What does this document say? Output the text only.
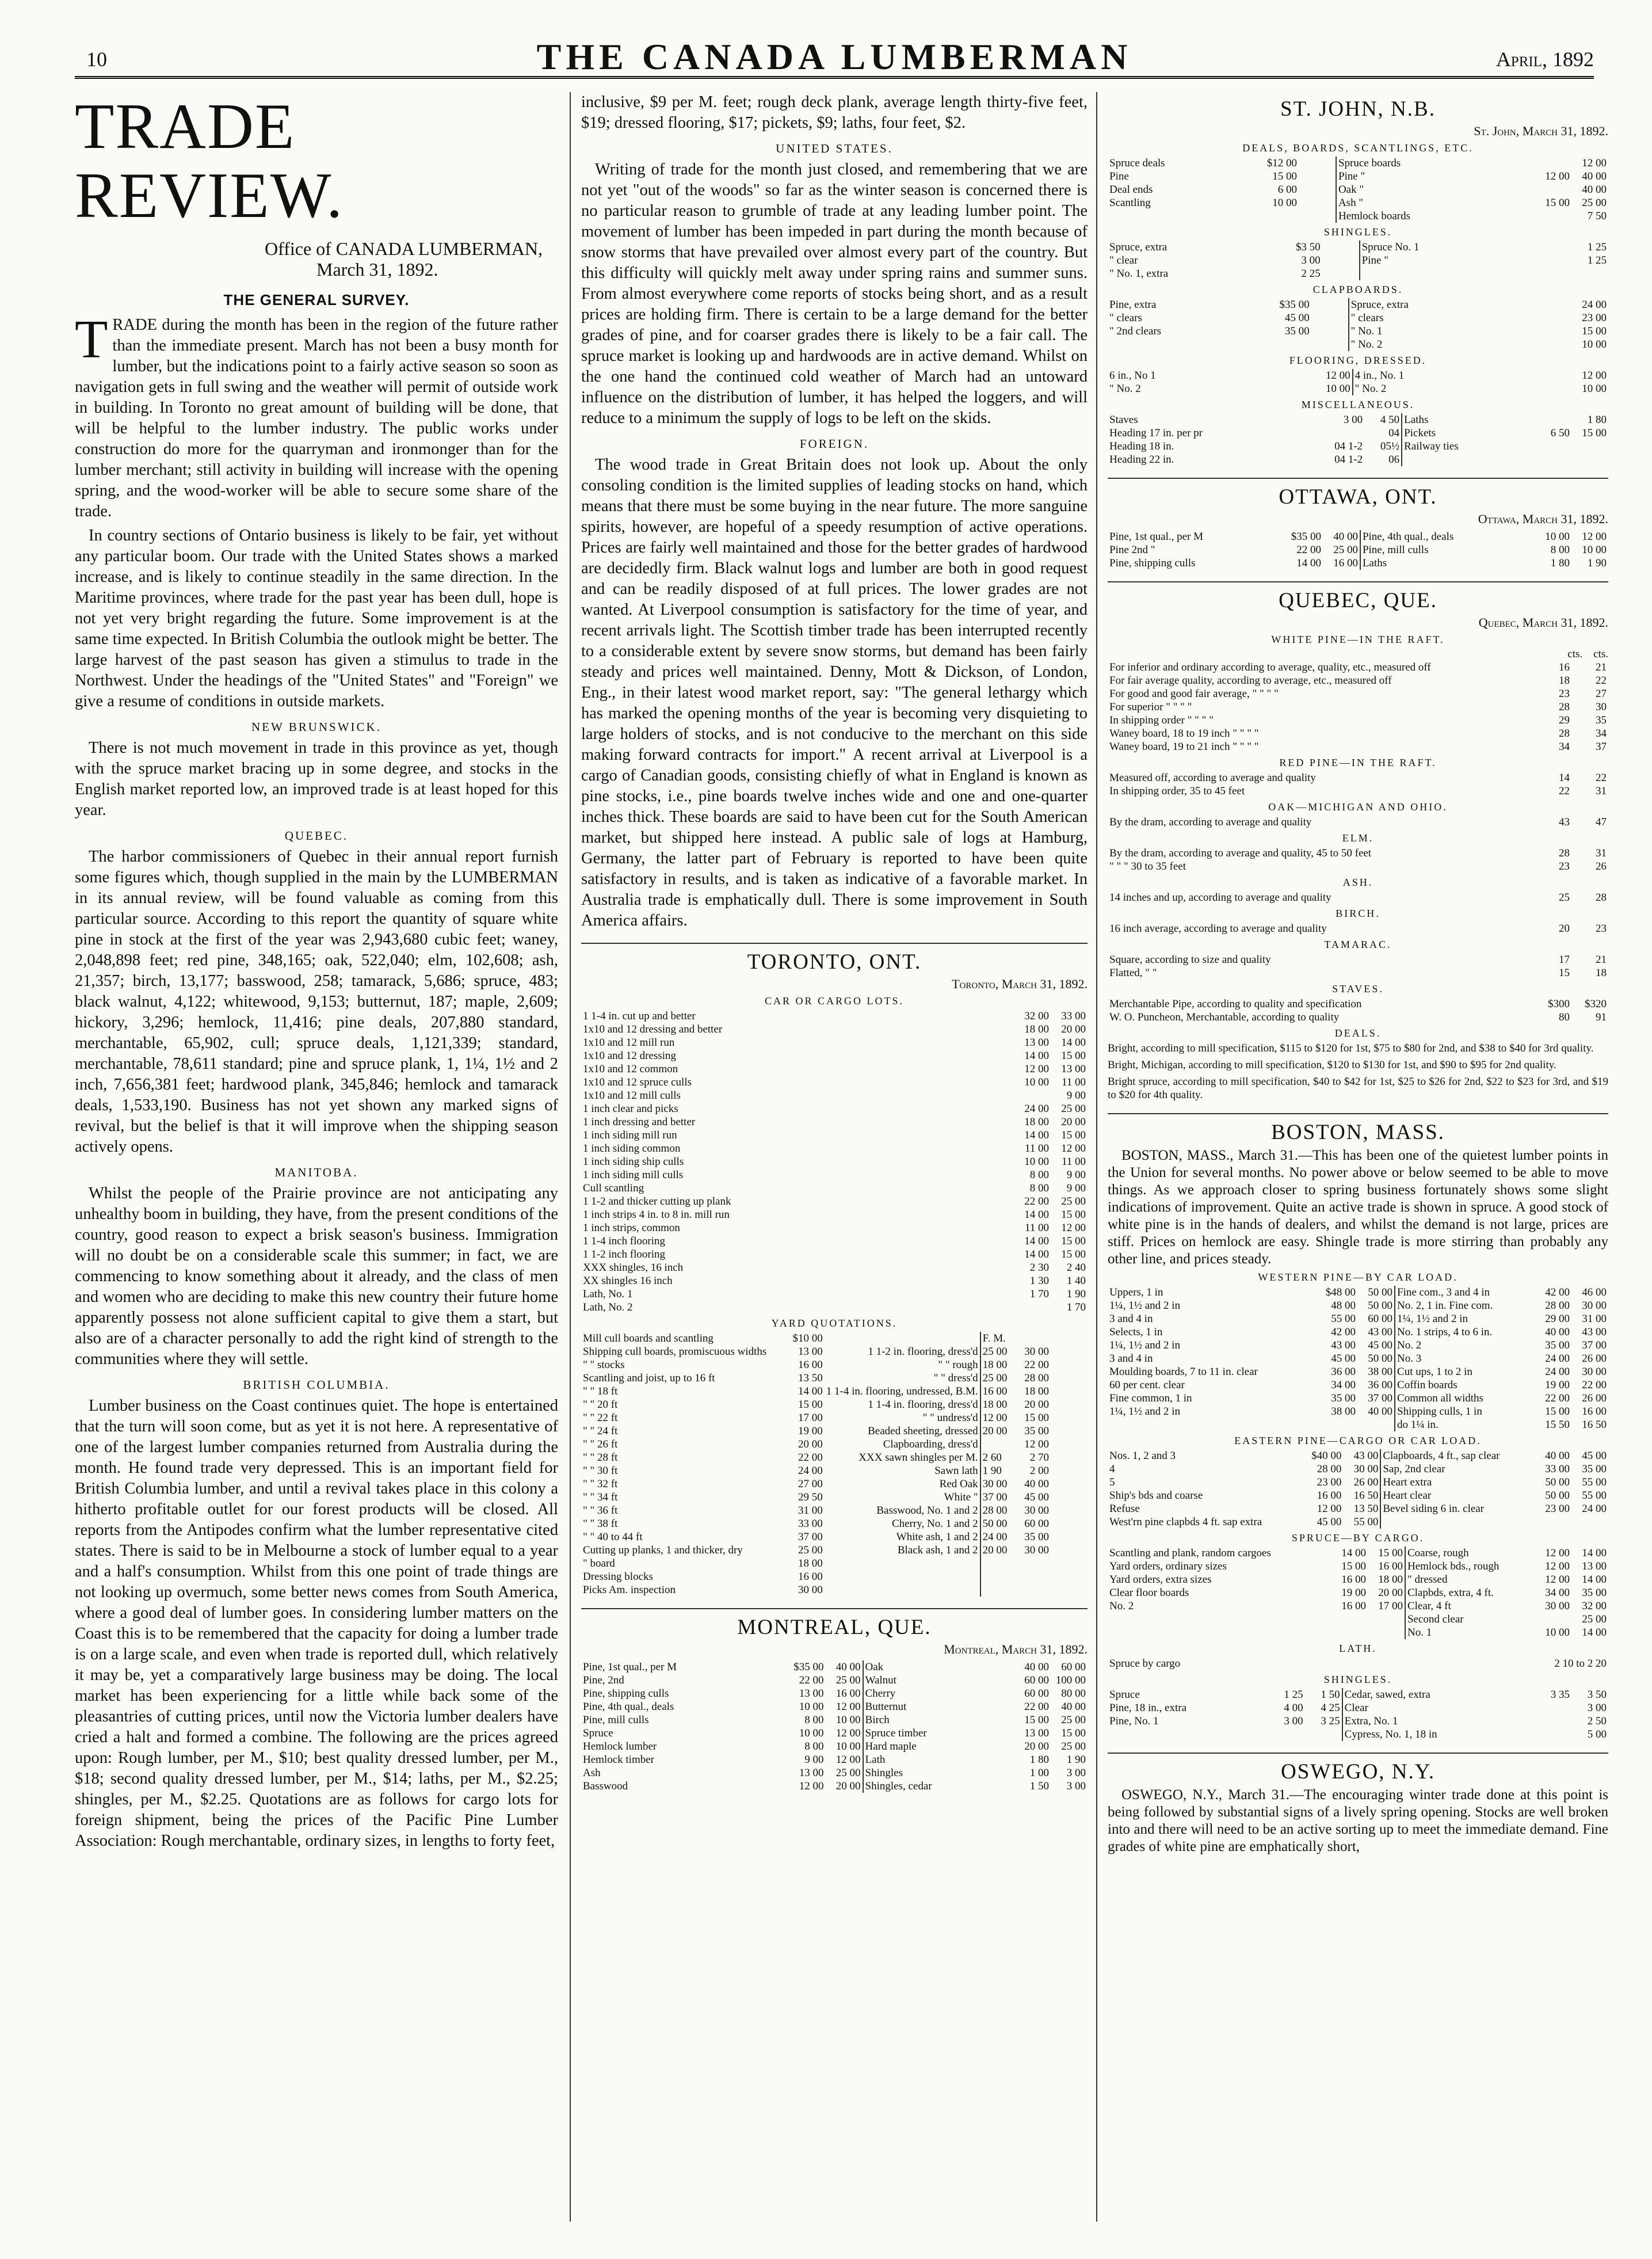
10	THE CANADA LUMBERMAN	April, 1892
TRADE REVIEW.
Office of CANADA LUMBERMAN,
March 31, 1892.
THE GENERAL SURVEY.

TRADE during the month has been in the region of the future rather than the immediate present. March has not been a busy month for lumber, but the indications point to a fairly active season so soon as navigation gets in full swing and the weather will permit of outside work in building. In Toronto no great amount of building will be done, that will be helpful to the lumber industry. The public works under construction do more for the quarryman and ironmonger than for the lumber merchant; still activity in building will increase with the opening spring, and the wood-worker will be able to secure some share of the trade.

In country sections of Ontario business is likely to be fair, yet without any particular boom. Our trade with the United States shows a marked increase, and is likely to continue steadily in the same direction. In the Maritime provinces, where trade for the past year has been dull, hope is not yet very bright regarding the future. Some improvement is at the same time expected. In British Columbia the outlook might be better. The large harvest of the past season has given a stimulus to trade in the Northwest. Under the headings of the "United States" and "Foreign" we give a resume of conditions in outside markets.

NEW BRUNSWICK.

There is not much movement in trade in this province as yet, though with the spruce market bracing up in some degree, and stocks in the English market reported low, an improved trade is at least hoped for this year.

QUEBEC.

The harbor commissioners of Quebec in their annual report furnish some figures which, though supplied in the main by the LUMBERMAN in its annual review, will be found valuable as coming from this particular source. According to this report the quantity of square white pine in stock at the first of the year was 2,943,680 cubic feet; waney, 2,048,898 feet; red pine, 348,165; oak, 522,040; elm, 102,608; ash, 21,357; birch, 13,177; basswood, 258; tamarack, 5,686; spruce, 483; black walnut, 4,122; whitewood, 9,153; butternut, 187; maple, 2,609; hickory, 3,296; hemlock, 11,416; pine deals, 207,880 standard, merchantable, 65,902, cull; spruce deals, 1,121,339; standard, merchantable, 78,611 standard; pine and spruce plank, 1, 1¼, 1½ and 2 inch, 7,656,381 feet; hardwood plank, 345,846; hemlock and tamarack deals, 1,533,190. Business has not yet shown any marked signs of revival, but the belief is that it will improve when the shipping season actively opens.

MANITOBA.

Whilst the people of the Prairie province are not anticipating any unhealthy boom in building, they have, from the present conditions of the country, good reason to expect a brisk season's business. Immigration will no doubt be on a considerable scale this summer; in fact, we are commencing to know something about it already, and the class of men and women who are deciding to make this new country their future home apparently possess not alone sufficient capital to give them a start, but also are of a character personally to add the right kind of strength to the communities where they will settle.

BRITISH COLUMBIA.

Lumber business on the Coast continues quiet. The hope is entertained that the turn will soon come, but as yet it is not here. A representative of one of the largest lumber companies returned from Australia during the month. He found trade very depressed. This is an important field for British Columbia lumber, and until a revival takes place in this colony a hitherto profitable outlet for our forest products will be closed. All reports from the Antipodes confirm what the lumber representative cited states. There is said to be in Melbourne a stock of lumber equal to a year and a half's consumption. Whilst from this one point of trade things are not looking up overmuch, some better news comes from South America, where a good deal of lumber goes. In considering lumber matters on the Coast this is to be remembered that the capacity for doing a lumber trade is on a large scale, and even when trade is reported dull, which relatively it may be, yet a comparatively large business may be doing. The local market has been experiencing for a little while back some of the pleasantries of cutting prices, until now the Victoria lumber dealers have cried a halt and formed a combine. The following are the prices agreed upon: Rough lumber, per M., $10; best quality dressed lumber, per M., $18; second quality dressed lumber, per M., $14; laths, per M., $2.25; shingles, per M., $2.25. Quotations are as follows for cargo lots for foreign shipment, being the prices of the Pacific Pine Lumber Association: Rough merchantable, ordinary sizes, in lengths to forty feet,

inclusive, $9 per M. feet; rough deck plank, average length thirty-five feet, $19; dressed flooring, $17; pickets, $9; laths, four feet, $2.

UNITED STATES.

Writing of trade for the month just closed, and remembering that we are not yet "out of the woods" so far as the winter season is concerned there is no particular reason to grumble of trade at any leading lumber point. The movement of lumber has been impeded in part during the month because of snow storms that have prevailed over almost every part of the country. But this difficulty will quickly melt away under spring rains and summer suns. From almost everywhere come reports of stocks being short, and as a result prices are holding firm. There is certain to be a large demand for the better grades of pine, and for coarser grades there is likely to be a fair call. The spruce market is looking up and hardwoods are in active demand. Whilst on the one hand the continued cold weather of March had an untoward influence on the distribution of lumber, it has helped the loggers, and will reduce to a minimum the supply of logs to be left on the skids.

FOREIGN.

The wood trade in Great Britain does not look up. About the only consoling condition is the limited supplies of leading stocks on hand, which means that there must be some buying in the near future. The more sanguine spirits, however, are hopeful of a speedy resumption of active operations. Prices are fairly well maintained and those for the better grades of hardwood are decidedly firm. Black walnut logs and lumber are both in good request and can be readily disposed of at full prices. The lower grades are not wanted. At Liverpool consumption is satisfactory for the time of year, and recent arrivals light. The Scottish timber trade has been interrupted recently to a considerable extent by severe snow storms, but demand has been fairly steady and prices well maintained. Denny, Mott & Dickson, of London, Eng., in their latest wood market report, say: "The general lethargy which has marked the opening months of the year is becoming very disquieting to large holders of stocks, and is not conducive to the merchant on this side making forward contracts for import." A recent arrival at Liverpool is a cargo of Canadian goods, consisting chiefly of what in England is known as pine stocks, i.e., pine boards twelve inches wide and one and one-quarter inches thick. These boards are said to have been cut for the South American market, but shipped here instead. A public sale of logs at Hamburg, Germany, the latter part of February is reported to have been quite satisfactory in results, and is taken as indicative of a favorable market. In Australia trade is emphatically dull. There is some improvement in South America affairs.

TORONTO, ONT.
Toronto, March 31, 1892.
CAR OR CARGO LOTS.
1 1-4 in. cut up and better	32 00	33 00
1x10 and 12 dressing and better	18 00	20 00
1x10 and 12 mill run	13 00	14 00
1x10 and 12 dressing	14 00	15 00
1x10 and 12 common	12 00	13 00
1x10 and 12 spruce culls	10 00	11 00
1x10 and 12 mill culls		9 00
1 inch clear and picks	24 00	25 00
1 inch dressing and better	18 00	20 00
1 inch siding mill run	14 00	15 00
1 inch siding common	11 00	12 00
1 inch siding ship culls	10 00	11 00
1 inch siding mill culls	8 00	9 00
Cull scantling	8 00	9 00
1 1-2 and thicker cutting up plank	22 00	25 00
1 inch strips 4 in. to 8 in. mill run	14 00	15 00
1 inch strips, common	11 00	12 00
1 1-4 inch flooring	14 00	15 00
1 1-2 inch flooring	14 00	15 00
XXX shingles, 16 inch	2 30	2 40
XX shingles 16 inch	1 30	1 40
Lath, No. 1	1 70	1 90
Lath, No. 2		1 70
YARD QUOTATIONS.
Mill cull boards and scantling	$10 00		F. M.		
Shipping cull boards, promiscuous widths	13 00	1 1-2 in. flooring, dress'd	25 00	30 00	
" " stocks	16 00	" " rough	18 00	22 00	
Scantling and joist, up to 16 ft	13 50	" " dress'd	25 00	28 00	
" " 18 ft	14 00	1 1-4 in. flooring, undressed, B.M.	16 00	18 00	
" " 20 ft	15 00	1 1-4 in. flooring, dress'd	18 00	20 00	
" " 22 ft	17 00	" " undress'd	12 00	15 00	
" " 24 ft	19 00	Beaded sheeting, dressed	20 00	35 00	
" " 26 ft	20 00	Clapboarding, dress'd		12 00	
" " 28 ft	22 00	XXX sawn shingles per M.	2 60	2 70	
" " 30 ft	24 00	Sawn lath	1 90	2 00	
" " 32 ft	27 00	Red Oak	30 00	40 00	
" " 34 ft	29 50	White "	37 00	45 00	
" " 36 ft	31 00	Basswood, No. 1 and 2	28 00	30 00	
" " 38 ft	33 00	Cherry, No. 1 and 2	50 00	60 00	
" " 40 to 44 ft	37 00	White ash, 1 and 2	24 00	35 00	
Cutting up planks, 1 and thicker, dry	25 00	Black ash, 1 and 2	20 00	30 00	
" board	18 00				
Dressing blocks	16 00				
Picks Am. inspection	30 00				
MONTREAL, QUE.
Montreal, March 31, 1892.
Pine, 1st qual., per M	$35 00	40 00	Oak	40 00	60 00
Pine, 2nd	22 00	25 00	Walnut	60 00	100 00
Pine, shipping culls	13 00	16 00	Cherry	60 00	80 00
Pine, 4th qual., deals	10 00	12 00	Butternut	22 00	40 00
Pine, mill culls	8 00	10 00	Birch	15 00	25 00
Spruce	10 00	12 00	Spruce timber	13 00	15 00
Hemlock lumber	8 00	10 00	Hard maple	20 00	25 00
Hemlock timber	9 00	12 00	Lath	1 80	1 90
Ash	13 00	25 00	Shingles	1 00	3 00
Basswood	12 00	20 00	Shingles, cedar	1 50	3 00
ST. JOHN, N.B.
St. John, March 31, 1892.
DEALS, BOARDS, SCANTLINGS, ETC.
Spruce deals	$12 00		Spruce boards		12 00
Pine	15 00		Pine "	12 00	40 00
Deal ends	6 00		Oak "		40 00
Scantling	10 00		Ash "	15 00	25 00
			Hemlock boards		7 50
SHINGLES.
Spruce, extra	$3 50		Spruce No. 1		1 25
" clear	3 00		Pine "		1 25
" No. 1, extra	2 25				
CLAPBOARDS.
Pine, extra	$35 00		Spruce, extra		24 00
" clears	45 00		" clears		23 00
" 2nd clears	35 00		" No. 1		15 00
			" No. 2		10 00
FLOORING, DRESSED.
6 in., No 1		12 00	4 in., No. 1		12 00
" No. 2		10 00	" No. 2		10 00
MISCELLANEOUS.
Staves	3 00	4 50	Laths		1 80
Heading 17 in. per pr		04	Pickets	6 50	15 00
Heading 18 in.	04 1-2	05½	Railway ties		
Heading 22 in.	04 1-2	06			
OTTAWA, ONT.
Ottawa, March 31, 1892.
Pine, 1st qual., per M	$35 00	40 00	Pine, 4th qual., deals	10 00	12 00
Pine 2nd "	22 00	25 00	Pine, mill culls	8 00	10 00
Pine, shipping culls	14 00	16 00	Laths	1 80	1 90
QUEBEC, QUE.
Quebec, March 31, 1892.
WHITE PINE—IN THE RAFT.
cts. cts.
For inferior and ordinary according to average, quality, etc., measured off	16	21
For fair average quality, according to average, etc., measured off	18	22
For good and good fair average, " " " "	23	27
For superior " " " "	28	30
In shipping order " " " "	29	35
Waney board, 18 to 19 inch " " " "	28	34
Waney board, 19 to 21 inch " " " "	34	37
RED PINE—IN THE RAFT.
Measured off, according to average and quality	14	22
In shipping order, 35 to 45 feet	22	31
OAK—MICHIGAN AND OHIO.
By the dram, according to average and quality	43	47
ELM.
By the dram, according to average and quality, 45 to 50 feet	28	31
" " " 30 to 35 feet	23	26
ASH.
14 inches and up, according to average and quality	25	28
BIRCH.
16 inch average, according to average and quality	20	23
TAMARAC.
Square, according to size and quality	17	21
Flatted, " "	15	18
STAVES.
Merchantable Pipe, according to quality and specification	$300	$320
W. O. Puncheon, Merchantable, according to quality	80	91
DEALS.

Bright, according to mill specification, $115 to $120 for 1st, $75 to $80 for 2nd, and $38 to $40 for 3rd quality.

Bright, Michigan, according to mill specification, $120 to $130 for 1st, and $90 to $95 for 2nd quality.

Bright spruce, according to mill specification, $40 to $42 for 1st, $25 to $26 for 2nd, $22 to $23 for 3rd, and $19 to $20 for 4th quality.

BOSTON, MASS.

BOSTON, MASS., March 31.—This has been one of the quietest lumber points in the Union for several months. No power above or below seemed to be able to move things. As we approach closer to spring business fortunately shows some slight indications of improvement. Quite an active trade is shown in spruce. A good stock of white pine is in the hands of dealers, and whilst the demand is not large, prices are stiff. Prices on hemlock are easy. Shingle trade is more stirring than probably any other line, and prices steady.

WESTERN PINE—BY CAR LOAD.
Uppers, 1 in	$48 00	50 00	Fine com., 3 and 4 in	42 00	46 00
1¼, 1½ and 2 in	48 00	50 00	No. 2, 1 in. Fine com.	28 00	30 00
3 and 4 in	55 00	60 00	1¼, 1½ and 2 in	29 00	31 00
Selects, 1 in	42 00	43 00	No. 1 strips, 4 to 6 in.	40 00	43 00
1¼, 1½ and 2 in	43 00	45 00	No. 2	35 00	37 00
3 and 4 in	45 00	50 00	No. 3	24 00	26 00
Moulding boards, 7 to 11 in. clear	36 00	38 00	Cut ups, 1 to 2 in	24 00	30 00
60 per cent. clear	34 00	36 00	Coffin boards	19 00	22 00
Fine common, 1 in	35 00	37 00	Common all widths	22 00	26 00
1¼, 1½ and 2 in	38 00	40 00	Shipping culls, 1 in	15 00	16 00
			do 1¼ in.	15 50	16 50
EASTERN PINE—CARGO OR CAR LOAD.
Nos. 1, 2 and 3	$40 00	43 00	Clapboards, 4 ft., sap clear	40 00	45 00
4	28 00	30 00	Sap, 2nd clear	33 00	35 00
5	23 00	26 00	Heart extra	50 00	55 00
Ship's bds and coarse	16 00	16 50	Heart clear	50 00	55 00
Refuse	12 00	13 50	Bevel siding 6 in. clear	23 00	24 00
West'rn pine clapbds 4 ft. sap extra	45 00	55 00			
SPRUCE—BY CARGO.
Scantling and plank, random cargoes	14 00	15 00	Coarse, rough	12 00	14 00
Yard orders, ordinary sizes	15 00	16 00	Hemlock bds., rough	12 00	13 00
Yard orders, extra sizes	16 00	18 00	" dressed	12 00	14 00
Clear floor boards	19 00	20 00	Clapbds, extra, 4 ft.	34 00	35 00
No. 2	16 00	17 00	Clear, 4 ft	30 00	32 00
			Second clear		25 00
			No. 1	10 00	14 00
LATH.
Spruce by cargo		2 10 to 2 20
SHINGLES.
Spruce	1 25	1 50	Cedar, sawed, extra	3 35	3 50
Pine, 18 in., extra	4 00	4 25	Clear		3 00
Pine, No. 1	3 00	3 25	Extra, No. 1		2 50
			Cypress, No. 1, 18 in		5 00
OSWEGO, N.Y.

OSWEGO, N.Y., March 31.—The encouraging winter trade done at this point is being followed by substantial signs of a lively spring opening. Stocks are well broken into and there will need to be an active sorting up to meet the immediate demand. Fine grades of white pine are emphatically short,
